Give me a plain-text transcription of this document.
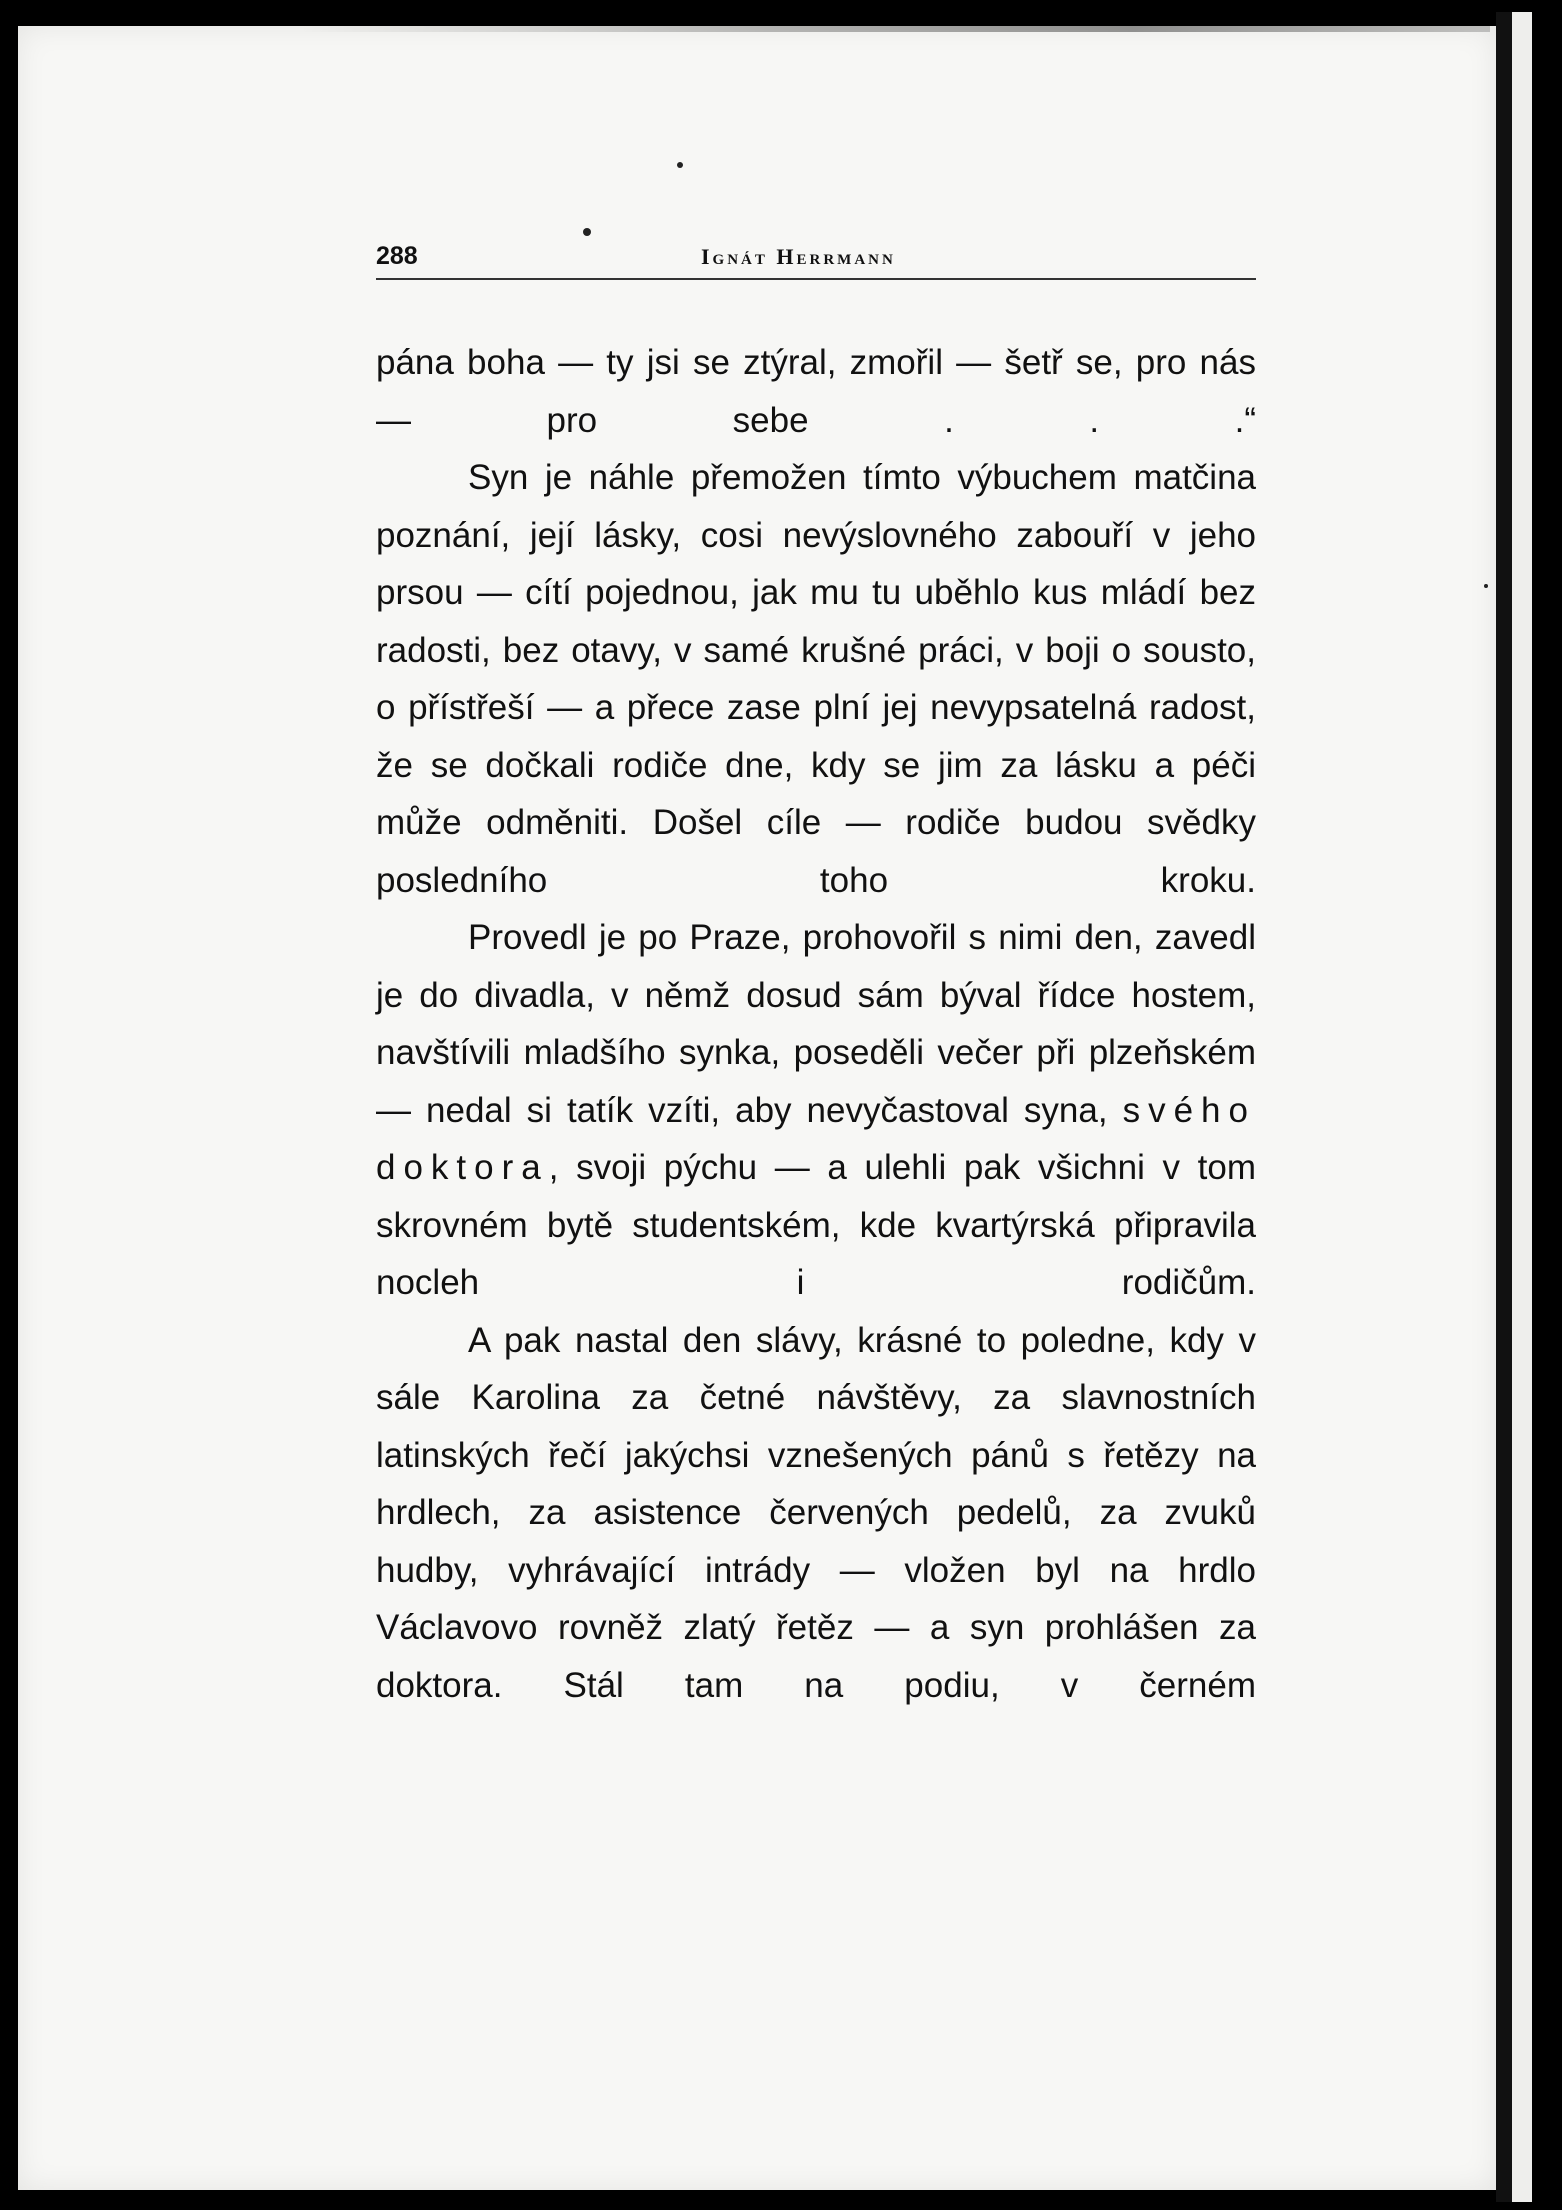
288	Ignát Herrmann

pána boha — ty jsi se ztýral, zmořil — šetř se, pro nás — pro sebe . . .“

Syn je náhle přemožen tímto výbuchem matčina poznání, její lásky, cosi nevýslovného zabouří v jeho prsou — cítí pojednou, jak mu tu uběhlo kus mládí bez radosti, bez otavy, v samé krušné práci, v boji o sousto, o přístřeší — a přece zase plní jej nevypsatelná radost, že se dočkali rodiče dne, kdy se jim za lásku a péči může odměniti. Došel cíle — rodiče budou svědky posledního toho kroku.

Provedl je po Praze, prohovořil s nimi den, zavedl je do divadla, v němž dosud sám býval řídce hostem, navštívili mladšího synka, poseděli večer při plzeňském — nedal si tatík vzíti, aby nevyčastoval syna, svého doktora, svoji pýchu — a ulehli pak všichni v tom skrovném bytě studentském, kde kvartýrská připravila nocleh i rodičům.

A pak nastal den slávy, krásné to poledne, kdy v sále Karolina za četné návštěvy, za slavnostních latinských řečí jakýchsi vznešených pánů s řetězy na hrdlech, za asistence červených pedelů, za zvuků hudby, vyhrávající intrády — vložen byl na hrdlo Václavovo rovněž zlatý řetěz — a syn prohlášen za doktora. Stál tam na podiu, v černém
